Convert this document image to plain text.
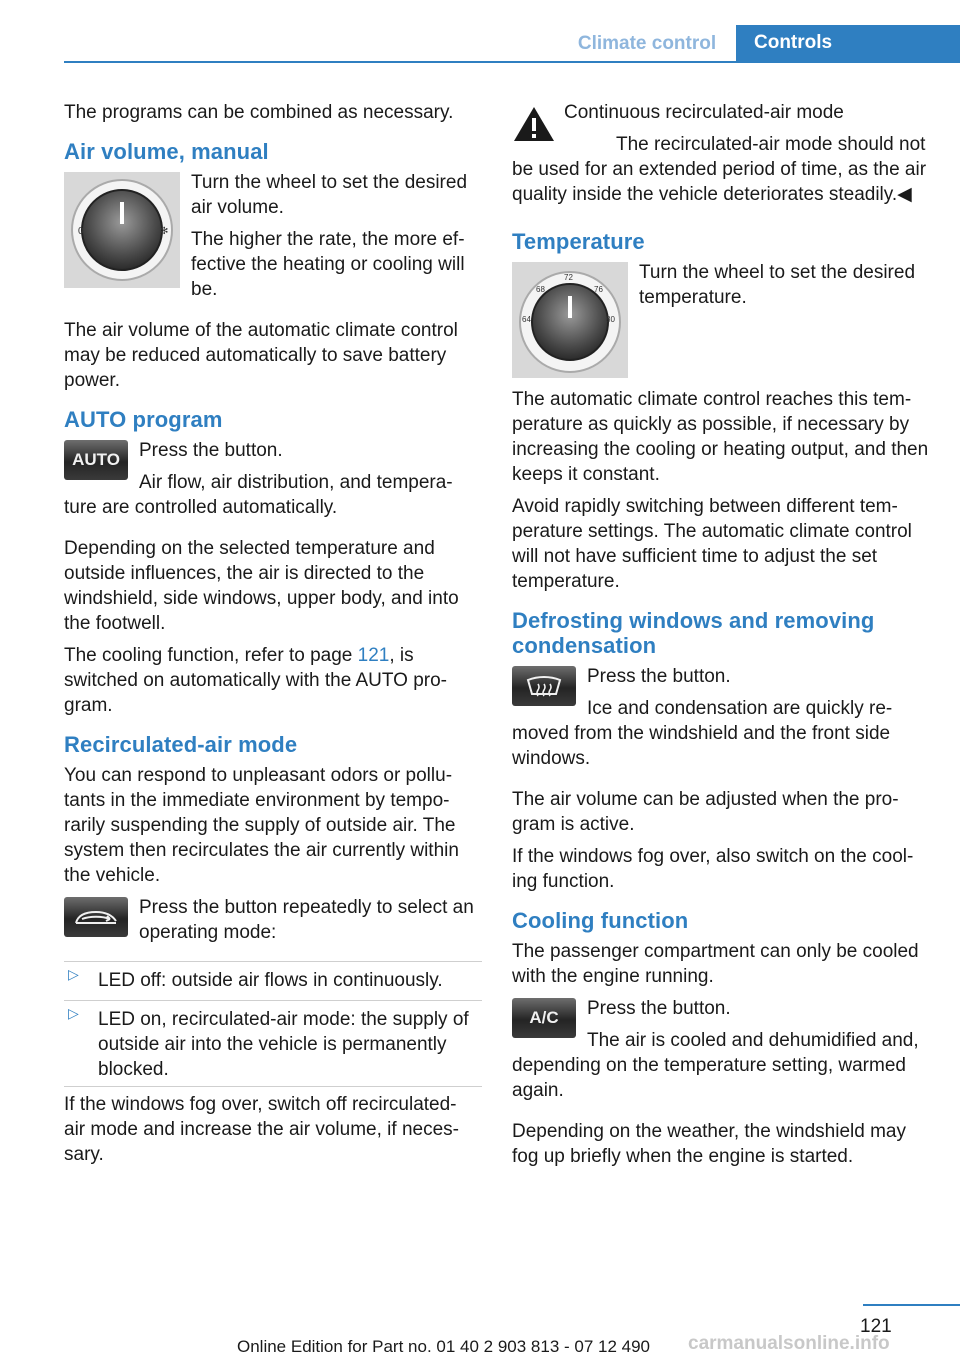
Climate control	Controls
The programs can be combined as necessary.
Air volume, manual
0	✻
Turn the wheel to set the desired air volume.
The higher the rate, the more ef‐ fective the heating or cooling will be.
The air volume of the automatic climate control may be reduced automatically to save battery power.
AUTO program
AUTO	Press the button.
Air flow, air distribution, and tempera‐ ture are controlled automatically.
Depending on the selected temperature and outside influences, the air is directed to the windshield, side windows, upper body, and into the footwell.
The cooling function, refer to page 121, is switched on automatically with the AUTO pro‐ gram.
Recirculated-air mode
You can respond to unpleasant odors or pollu‐ tants in the immediate environment by tempo‐ rarily suspending the supply of outside air. The system then recirculates the air currently within the vehicle.
Press the button repeatedly to select an operating mode:
▷ LED off: outside air flows in continuously.
▷ LED on, recirculated-air mode: the supply of outside air into the vehicle is permanently blocked.
If the windows fog over, switch off recirculated- air mode and increase the air volume, if neces‐ sary.
Continuous recirculated-air mode
The recirculated-air mode should not be used for an extended period of time, as the air quality inside the vehicle deteriorates steadily.◀
Temperature
64
68
72
76
80
Turn the wheel to set the desired temperature.
The automatic climate control reaches this tem‐ perature as quickly as possible, if necessary by increasing the cooling or heating output, and then keeps it constant.
Avoid rapidly switching between different tem‐ perature settings. The automatic climate control will not have sufficient time to adjust the set temperature.
Defrosting windows and removing condensation
Press the button.
Ice and condensation are quickly re‐ moved from the windshield and the front side windows.
The air volume can be adjusted when the pro‐ gram is active.
If the windows fog over, also switch on the cool‐ ing function.
Cooling function
The passenger compartment can only be cooled with the engine running.
A/C	Press the button.
The air is cooled and dehumidified and, depending on the temperature setting, warmed again.
Depending on the weather, the windshield may fog up briefly when the engine is started.
121
Online Edition for Part no. 01 40 2 903 813 - 07 12 490 carmanualsonline.info
